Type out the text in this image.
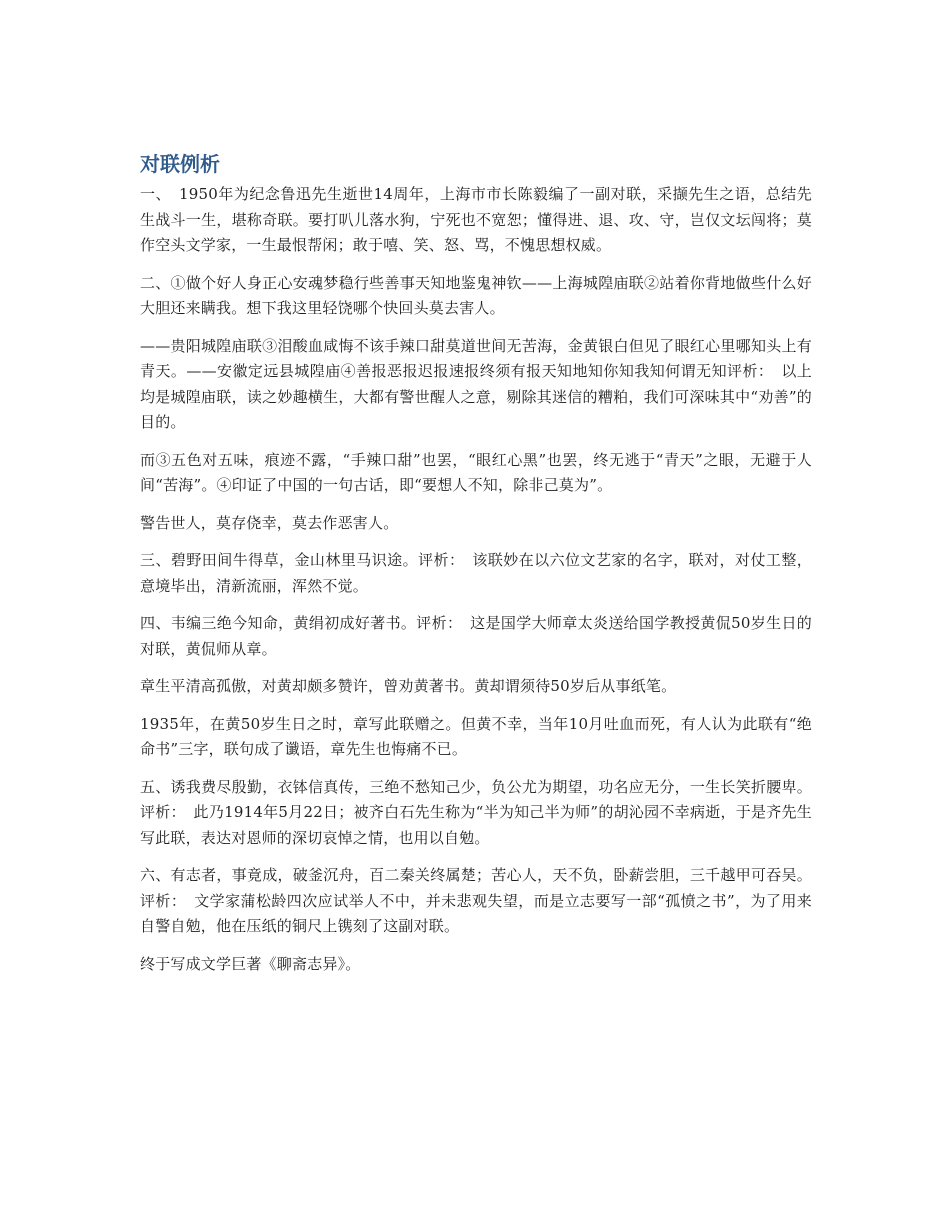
对联例析

一、　1950年为纪念鲁迅先生逝世14周年，上海市市长陈毅编了一副对联，采撷先生之语，总结先生战斗一生，堪称奇联。要打叭儿落水狗，宁死也不宽恕；懂得进、退、攻、守，岂仅文坛闯将；莫作空头文学家，一生最恨帮闲；敢于嘻、笑、怒、骂，不愧思想权威。

二、①做个好人身正心安魂梦稳行些善事天知地鉴鬼神钦——上海城隍庙联②站着你背地做些什么好大胆还来瞒我。想下我这里轻饶哪个快回头莫去害人。

——贵阳城隍庙联③泪酸血咸悔不该手辣口甜莫道世间无苦海，金黄银白但见了眼红心里哪知头上有青天。——安徽定远县城隍庙④善报恶报迟报速报终须有报天知地知你知我知何谓无知评析：　以上均是城隍庙联，读之妙趣横生，大都有警世醒人之意，剔除其迷信的糟粕，我们可深味其中“劝善”的目的。

而③五色对五味，痕迹不露，“手辣口甜”也罢，“眼红心黑”也罢，终无逃于“青天”之眼，无避于人间“苦海”。④印证了中国的一句古话，即“要想人不知，除非己莫为”。

警告世人，莫存侥幸，莫去作恶害人。

三、碧野田间牛得草，金山林里马识途。评析：　该联妙在以六位文艺家的名字，联对，对仗工整，意境毕出，清新流丽，浑然不觉。

四、韦编三绝今知命，黄绢初成好著书。评析：　这是国学大师章太炎送给国学教授黄侃50岁生日的对联，黄侃师从章。

章生平清高孤傲，对黄却颇多赞许，曾劝黄著书。黄却谓须待50岁后从事纸笔。

1935年，在黄50岁生日之时，章写此联赠之。但黄不幸，当年10月吐血而死，有人认为此联有“绝命书”三字，联句成了谶语，章先生也悔痛不已。

五、诱我费尽殷勤，衣钵信真传，三绝不愁知己少，负公尤为期望，功名应无分，一生长笑折腰卑。评析：　此乃1914年5月22日；被齐白石先生称为“半为知己半为师”的胡沁园不幸病逝，于是齐先生写此联，表达对恩师的深切哀悼之情，也用以自勉。

六、有志者，事竟成，破釜沉舟，百二秦关终属楚；苦心人，天不负，卧薪尝胆，三千越甲可吞吴。评析：　文学家蒲松龄四次应试举人不中，并未悲观失望，而是立志要写一部“孤愤之书”，为了用来自警自勉，他在压纸的铜尺上镌刻了这副对联。

终于写成文学巨著《聊斋志异》。
